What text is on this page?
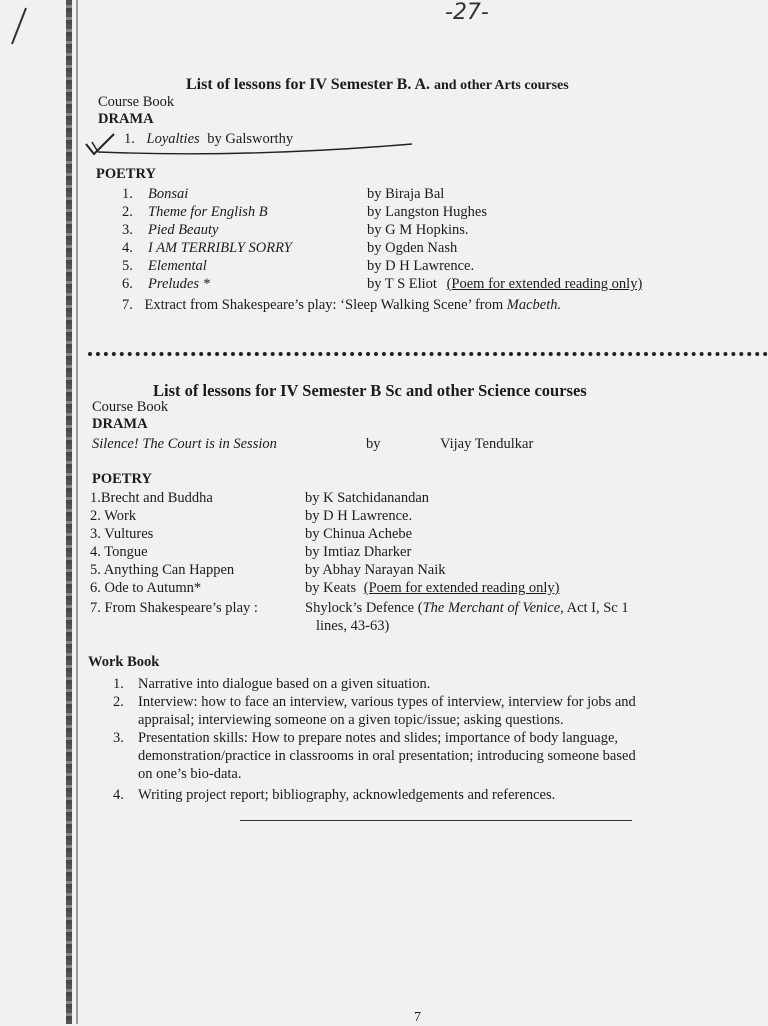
-27-
List of lessons for IV Semester B. A. and other Arts courses
Course Book
DRAMA
1. Loyalties by Galsworthy
POETRY
1. Bonsai	by Biraja Bal
2. Theme for English B	by Langston Hughes
3. Pied Beauty	by G M Hopkins.
4. I AM TERRIBLY SORRY	by Ogden Nash
5. Elemental	by D H Lawrence.
6. Preludes *	by T S Eliot (Poem for extended reading only)
7. Extract from Shakespeare’s play: ‘Sleep Walking Scene’ from Macbeth.
List of lessons for IV Semester B Sc and other Science courses
Course Book
DRAMA
Silence! The Court is in Session	by	Vijay Tendulkar
POETRY
1.Brecht and Buddha	by K Satchidanandan
2. Work	by D H Lawrence.
3. Vultures	by Chinua Achebe
4. Tongue	by Imtiaz Dharker
5. Anything Can Happen	by Abhay Narayan Naik
6. Ode to Autumn*	by Keats (Poem for extended reading only)
7. From Shakespeare’s play :	Shylock’s Defence (The Merchant of Venice, Act I, Sc 1
lines, 43-63)
Work Book
1. Narrative into dialogue based on a given situation.
2. Interview: how to face an interview, various types of interview, interview for jobs and
appraisal; interviewing someone on a given topic/issue; asking questions.
3. Presentation skills: How to prepare notes and slides; importance of body language,
demonstration/practice in classrooms in oral presentation; introducing someone based
on one’s bio-data.
4. Writing project report; bibliography, acknowledgements and references.
7
